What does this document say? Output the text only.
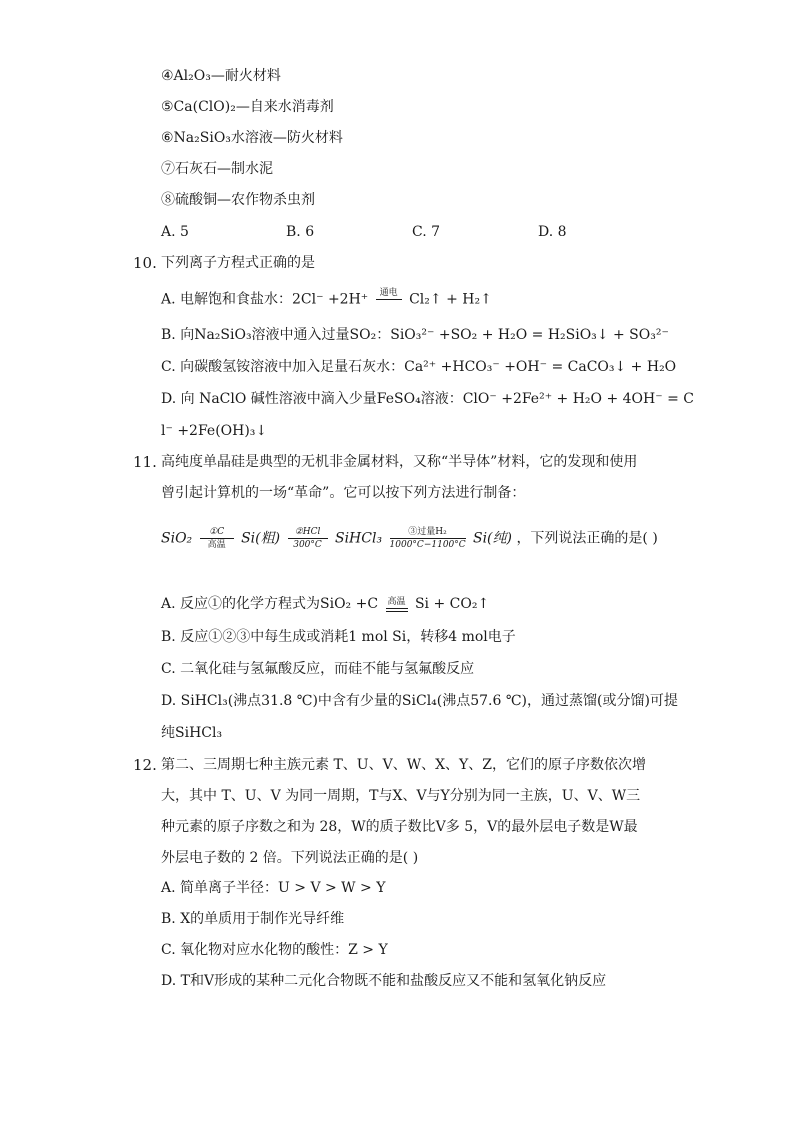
④Al₂O₃—耐火材料
⑤Ca(ClO)₂—自来水消毒剂
⑥Na₂SiO₃水溶液—防火材料
⑦石灰石—制水泥
⑧硫酸铜—农作物杀虫剂
A. 5	B. 6	C. 7	D. 8
10. 下列离子方程式正确的是
A. 电解饱和食盐水：2Cl⁻ +2H⁺	通电 Cl₂↑ + H₂↑
B. 向Na₂SiO₃溶液中通入过量SO₂：SiO₃²⁻ +SO₂ + H₂O = H₂SiO₃↓ + SO₃²⁻
C. 向碳酸氢铵溶液中加入足量石灰水：Ca²⁺ +HCO₃⁻ +OH⁻ = CaCO₃↓ + H₂O
D. 向 NaClO 碱性溶液中滴入少量FeSO₄溶液：ClO⁻ +2Fe²⁺ + H₂O + 4OH⁻ = C
l⁻ +2Fe(OH)₃↓
11. 高纯度单晶硅是典型的无机非金属材料，又称“半导体”材料，它的发现和使用
曾引起计算机的一场“革命”。它可以按下列方法进行制备：
SiO₂	①C
高温	Si(粗)	②HCl
300°C SiHCl₃	③过量H₂
1000°C−1100°C Si(纯) ，下列说法正确的是( )
A. 反应①的化学方程式为SiO₂ +C 高温 Si + CO₂↑
B. 反应①②③中每生成或消耗1 mol Si，转移4 mol电子
C. 二氧化硅与氢氟酸反应，而硅不能与氢氟酸反应
D. SiHCl₃(沸点31.8 ℃)中含有少量的SiCl₄(沸点57.6 ℃)，通过蒸馏(或分馏)可提
纯SiHCl₃
12. 第二、三周期七种主族元素 T、U、V、W、X、Y、Z，它们的原子序数依次增
大，其中 T、U、V 为同一周期，T与X、V与Y分别为同一主族，U、V、W三
种元素的原子序数之和为 28，W的质子数比V多 5，V的最外层电子数是W最
外层电子数的 2 倍。下列说法正确的是( )
A. 简单离子半径：U > V > W > Y
B. X的单质用于制作光导纤维
C. 氧化物对应水化物的酸性：Z > Y
D. T和V形成的某种二元化合物既不能和盐酸反应又不能和氢氧化钠反应
